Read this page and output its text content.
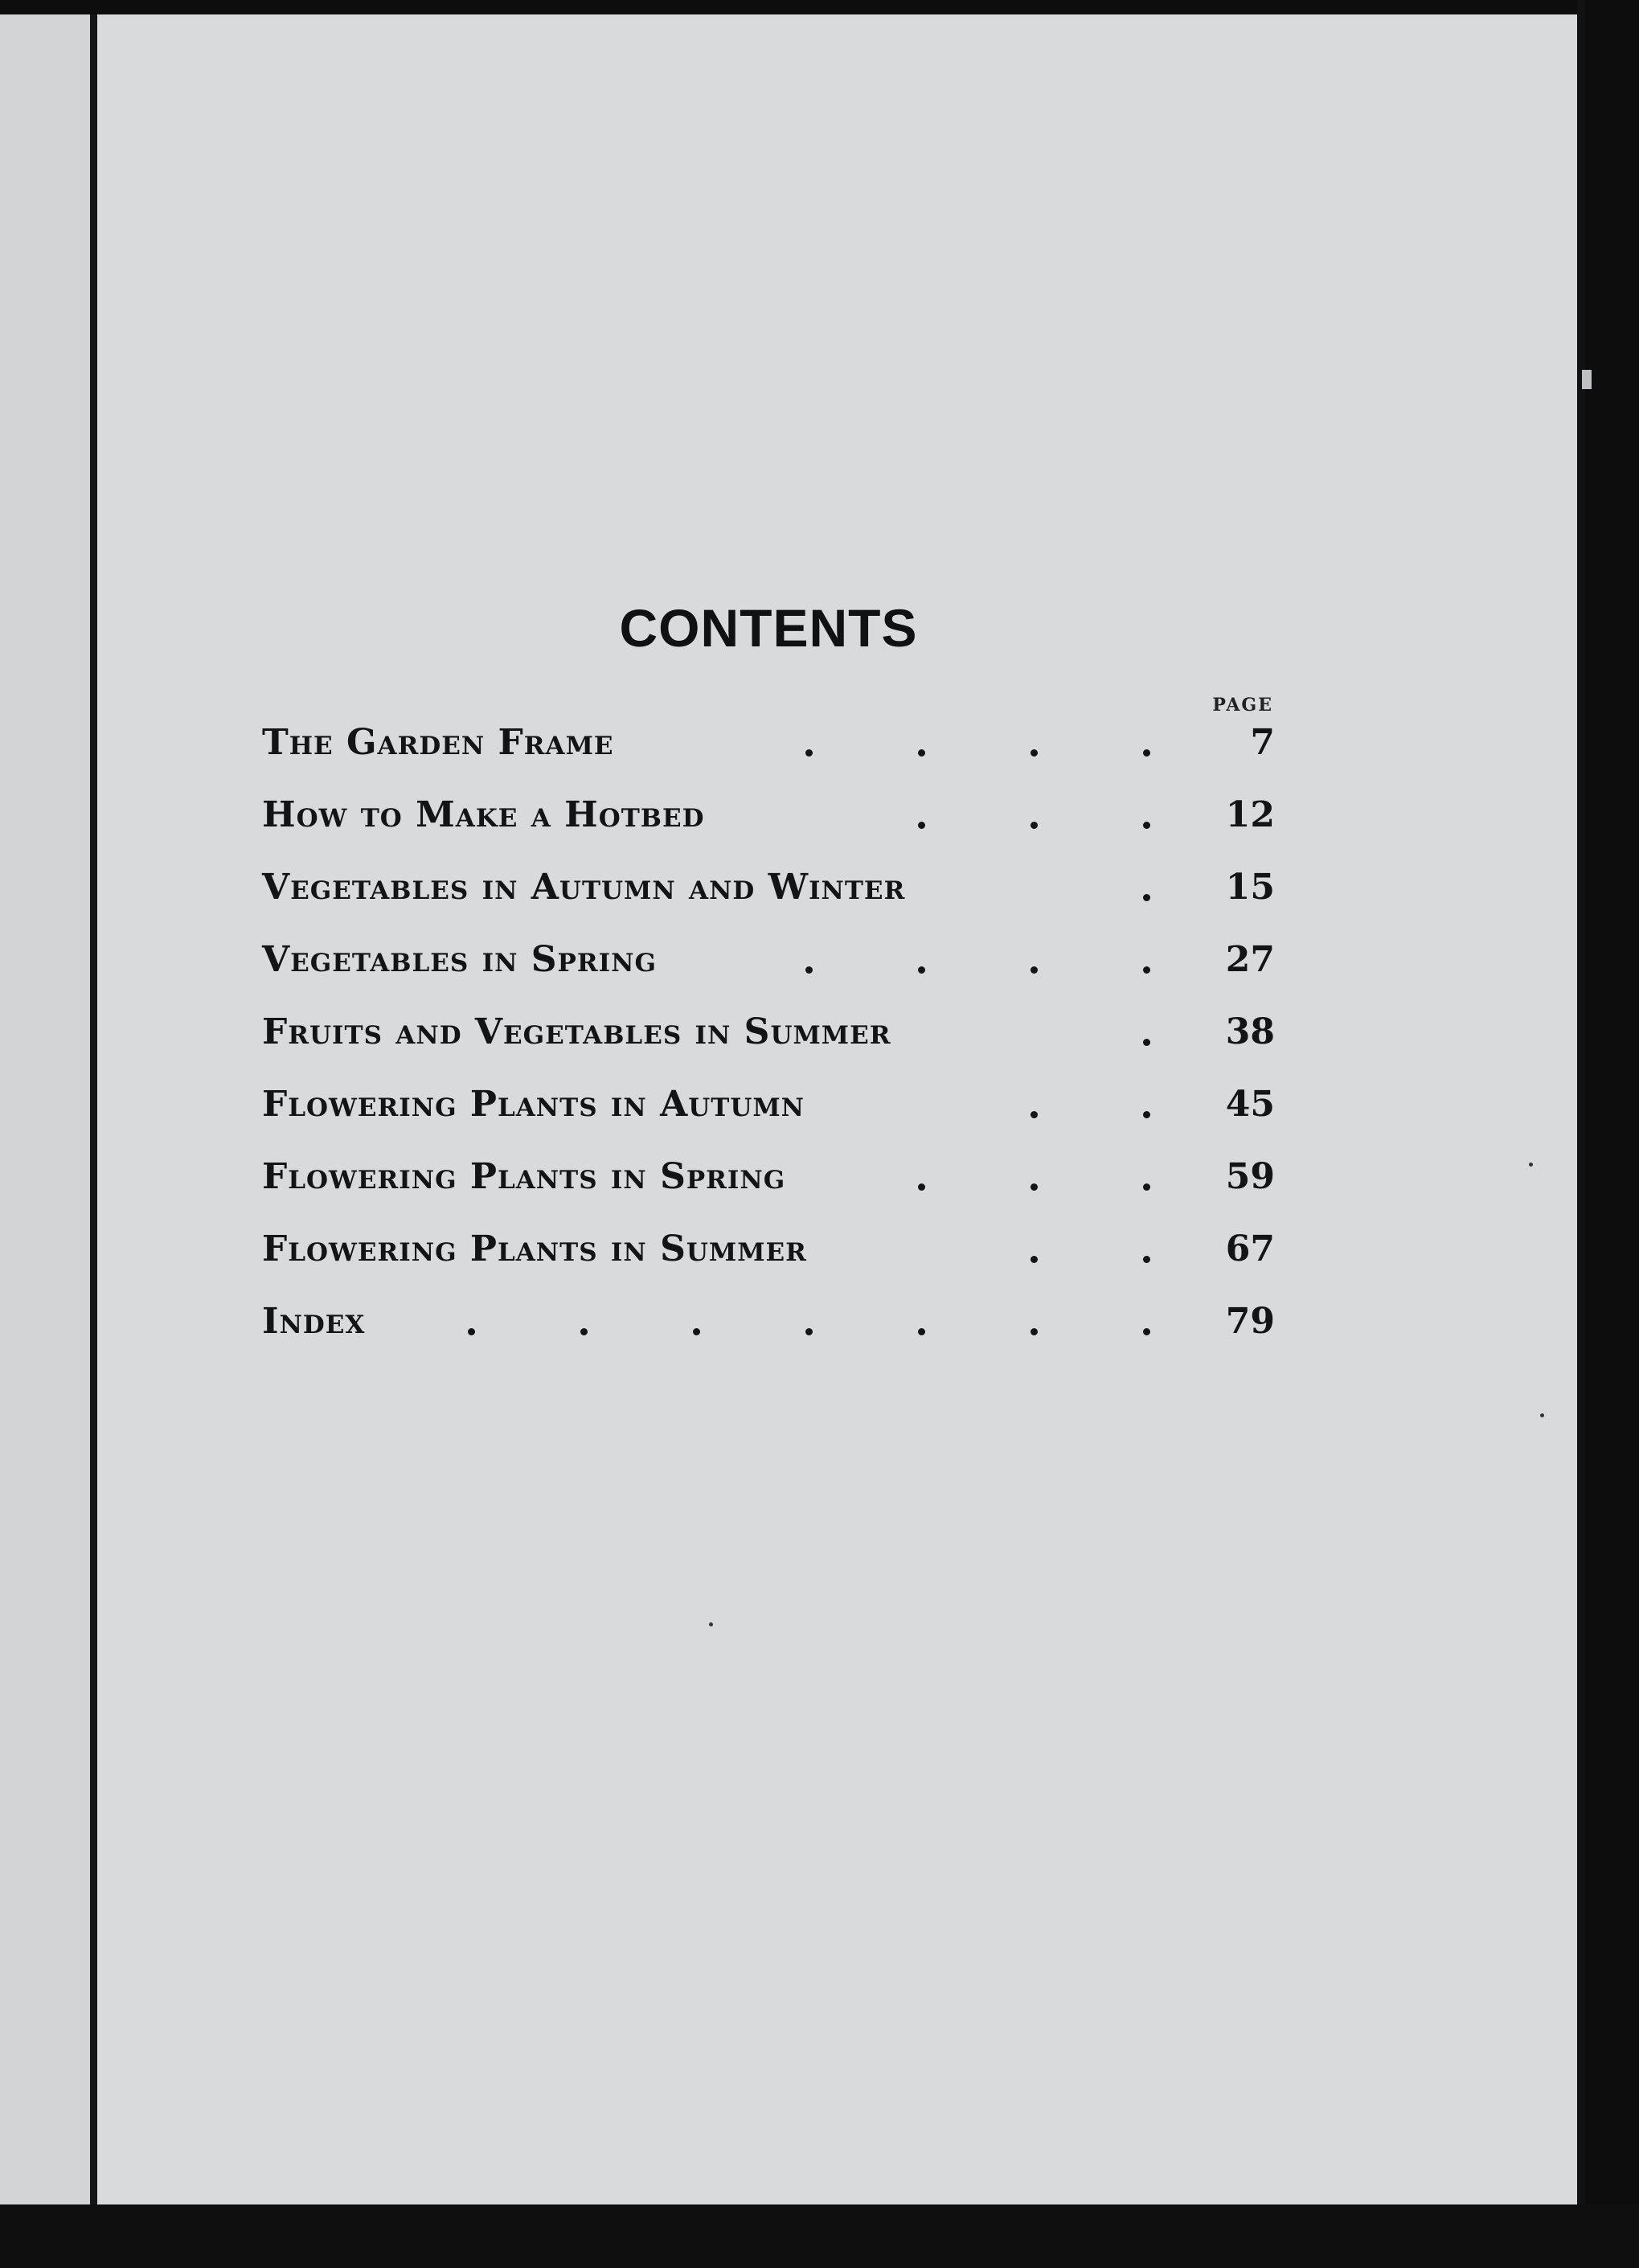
CONTENTS
PAGE
The Garden Frame	7
How to Make a Hotbed	12
Vegetables in Autumn and Winter	15
Vegetables in Spring	27
Fruits and Vegetables in Summer	38
Flowering Plants in Autumn	45
Flowering Plants in Spring	59
Flowering Plants in Summer	67
Index	79
